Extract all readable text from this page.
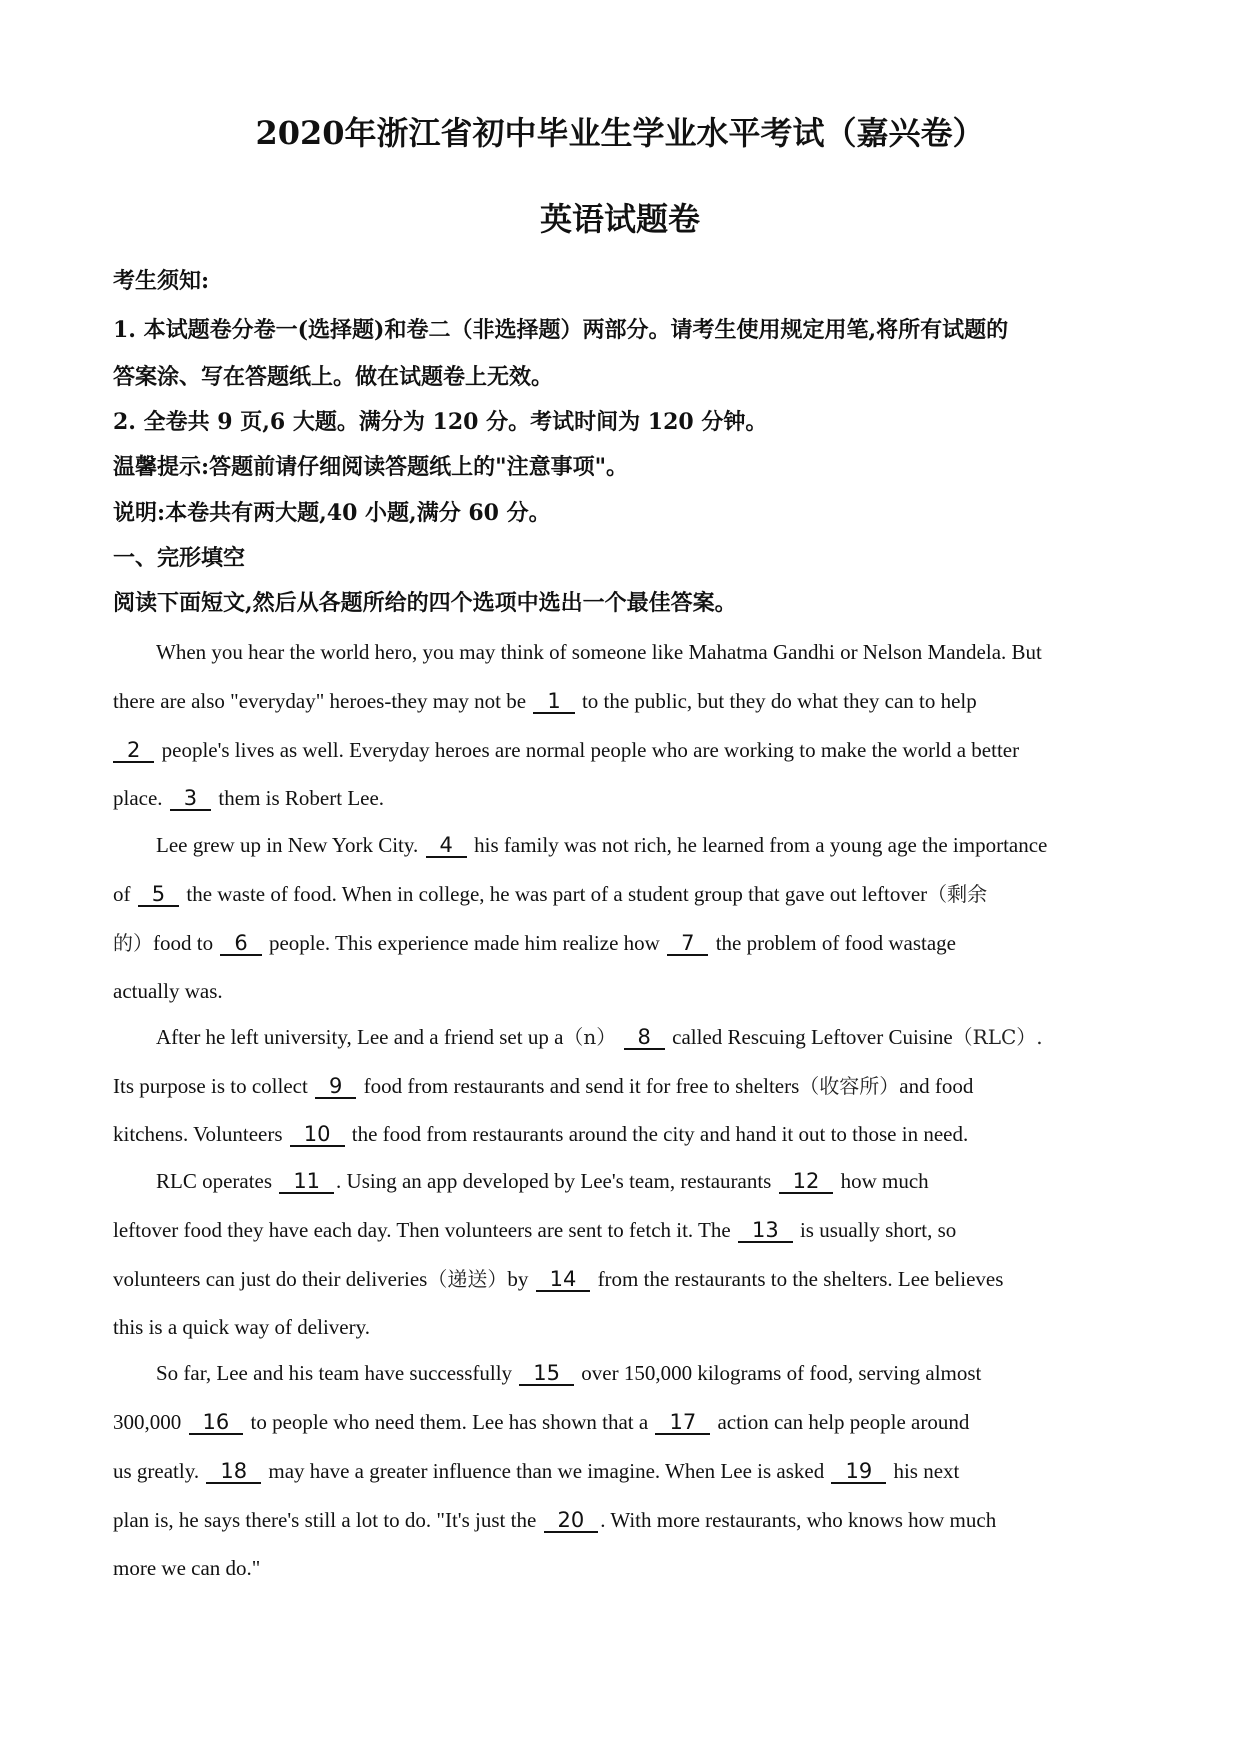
2020年浙江省初中毕业生学业水平考试（嘉兴卷）
英语试题卷

考生须知:

1. 本试题卷分卷一(选择题)和卷二（非选择题）两部分。请考生使用规定用笔,将所有试题的

答案涂、写在答题纸上。做在试题卷上无效。

2. 全卷共 9 页,6 大题。满分为 120 分。考试时间为 120 分钟。

温馨提示:答题前请仔细阅读答题纸上的"注意事项"。

说明:本卷共有两大题,40 小题,满分 60 分。

一、完形填空

阅读下面短文,然后从各题所给的四个选项中选出一个最佳答案。

When you hear the world hero, you may think of someone like Mahatma Gandhi or Nelson Mandela. But

there are also "everyday" heroes-they may not be 1 to the public, but they do what they can to help

2 people's lives as well. Everyday heroes are normal people who are working to make the world a better

place. 3 them is Robert Lee.

Lee grew up in New York City. 4 his family was not rich, he learned from a young age the importance

of 5 the waste of food. When in college, he was part of a student group that gave out leftover（剩余

的）food to 6 people. This experience made him realize how 7 the problem of food wastage

actually was.

After he left university, Lee and a friend set up a（n） 8 called Rescuing Leftover Cuisine（RLC）.

Its purpose is to collect 9 food from restaurants and send it for free to shelters（收容所）and food

kitchens. Volunteers 10 the food from restaurants around the city and hand it out to those in need.

RLC operates 11 . Using an app developed by Lee's team, restaurants 12 how much

leftover food they have each day. Then volunteers are sent to fetch it. The 13 is usually short, so

volunteers can just do their deliveries（递送）by 14 from the restaurants to the shelters. Lee believes

this is a quick way of delivery.

So far, Lee and his team have successfully 15 over 150,000 kilograms of food, serving almost

300,000 16 to people who need them. Lee has shown that a 17 action can help people around

us greatly. 18 may have a greater influence than we imagine. When Lee is asked 19 his next

plan is, he says there's still a lot to do. "It's just the 20 . With more restaurants, who knows how much

more we can do."
